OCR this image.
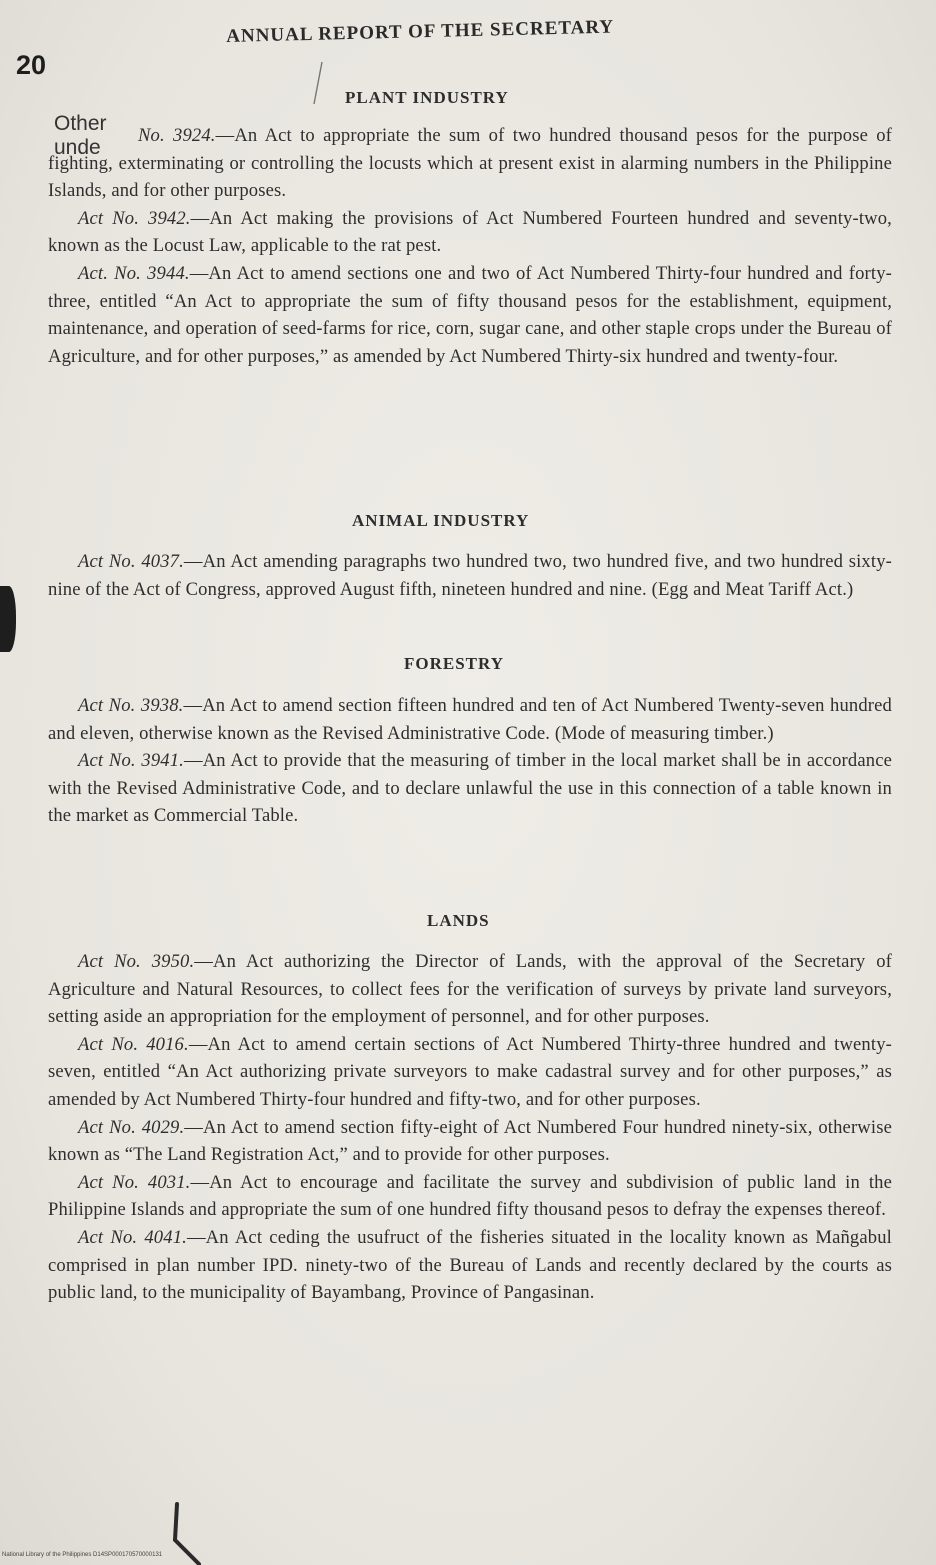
20
ANNUAL REPORT OF THE SECRETARY
Other
unde
PLANT INDUSTRY

No. 3924.—An Act to appropriate the sum of two hundred thousand pesos for the purpose of fighting, exterminating or controlling the locusts which at present exist in alarming numbers in the Philippine Islands, and for other purposes.

Act No. 3942.—An Act making the provisions of Act Numbered Fourteen hundred and seventy-two, known as the Locust Law, applicable to the rat pest.

Act. No. 3944.—An Act to amend sections one and two of Act Numbered Thirty-four hundred and forty-three, entitled “An Act to appropriate the sum of fifty thousand pesos for the establishment, equipment, maintenance, and operation of seed-farms for rice, corn, sugar cane, and other staple crops under the Bureau of Agriculture, and for other purposes,” as amended by Act Numbered Thirty-six hundred and twenty-four.

ANIMAL INDUSTRY

Act No. 4037.—An Act amending paragraphs two hundred two, two hundred five, and two hundred sixty-nine of the Act of Congress, approved August fifth, nineteen hundred and nine. (Egg and Meat Tariff Act.)

FORESTRY

Act No. 3938.—An Act to amend section fifteen hundred and ten of Act Numbered Twenty-seven hundred and eleven, otherwise known as the Revised Administrative Code. (Mode of measuring timber.)

Act No. 3941.—An Act to provide that the measuring of timber in the local market shall be in accordance with the Revised Administrative Code, and to declare unlawful the use in this connection of a table known in the market as Commercial Table.

LANDS

Act No. 3950.—An Act authorizing the Director of Lands, with the approval of the Secretary of Agriculture and Natural Resources, to collect fees for the verification of surveys by private land surveyors, setting aside an appropriation for the employment of personnel, and for other purposes.

Act No. 4016.—An Act to amend certain sections of Act Numbered Thirty-three hundred and twenty-seven, entitled “An Act authorizing private surveyors to make cadastral survey and for other purposes,” as amended by Act Numbered Thirty-four hundred and fifty-two, and for other purposes.

Act No. 4029.—An Act to amend section fifty-eight of Act Numbered Four hundred ninety-six, otherwise known as “The Land Registration Act,” and to provide for other purposes.

Act No. 4031.—An Act to encourage and facilitate the survey and subdivision of public land in the Philippine Islands and appropriate the sum of one hundred fifty thousand pesos to defray the expenses thereof.

Act No. 4041.—An Act ceding the usufruct of the fisheries situated in the locality known as Mañgabul comprised in plan number IPD. ninety-two of the Bureau of Lands and recently declared by the courts as public land, to the municipality of Bayambang, Province of Pangasinan.

National Library of the Philippines D14SP000170570000131
